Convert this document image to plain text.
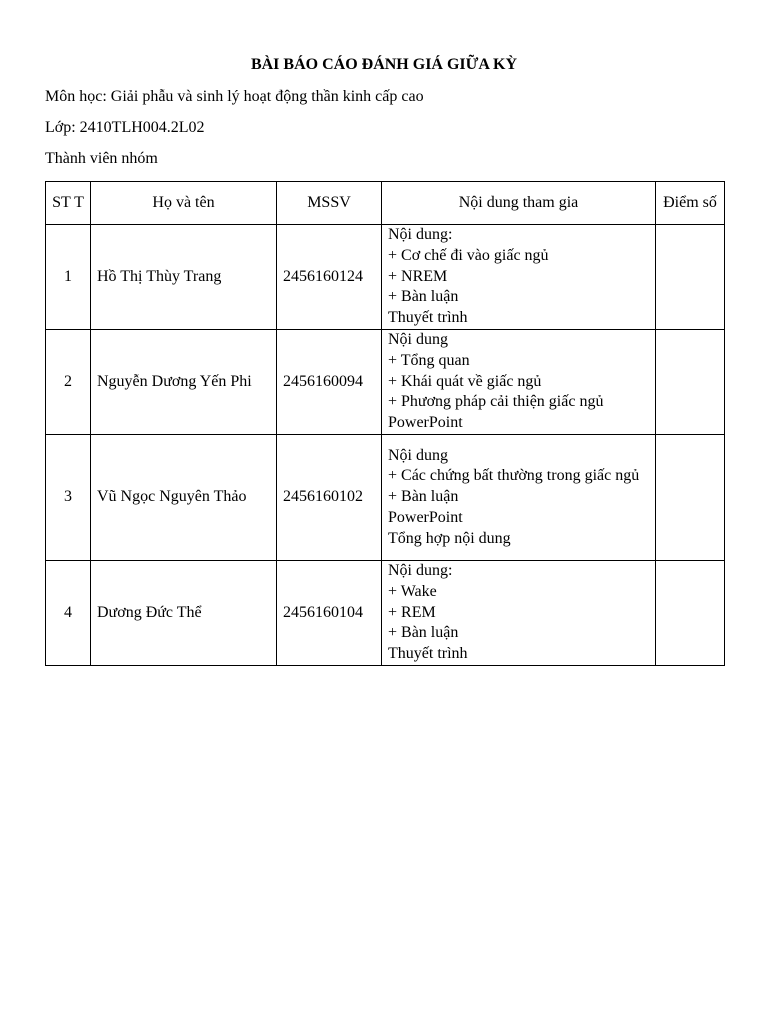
BÀI BÁO CÁO ĐÁNH GIÁ GIỮA KỲ
Môn học: Giải phẫu và sinh lý hoạt động thần kinh cấp cao
Lớp: 2410TLH004.2L02
Thành viên nhóm
ST T	Họ và tên	MSSV	Nội dung tham gia	Điểm số
1	Hồ Thị Thùy Trang	2456160124	Nội dung:
+ Cơ chế đi vào giấc ngủ
+ NREM
+ Bàn luận
Thuyết trình	

2	Nguyễn Dương Yến Phi	2456160094	Nội dung
+ Tổng quan
+ Khái quát về giấc ngủ
+ Phương pháp cải thiện giấc ngủ
PowerPoint	

3	Vũ Ngọc Nguyên Thảo	2456160102	Nội dung
+ Các chứng bất thường trong giấc ngủ
+ Bàn luận
PowerPoint
Tổng hợp nội dung	

4	Dương Đức Thể	2456160104	Nội dung:
+ Wake
+ REM
+ Bàn luận
Thuyết trình	
